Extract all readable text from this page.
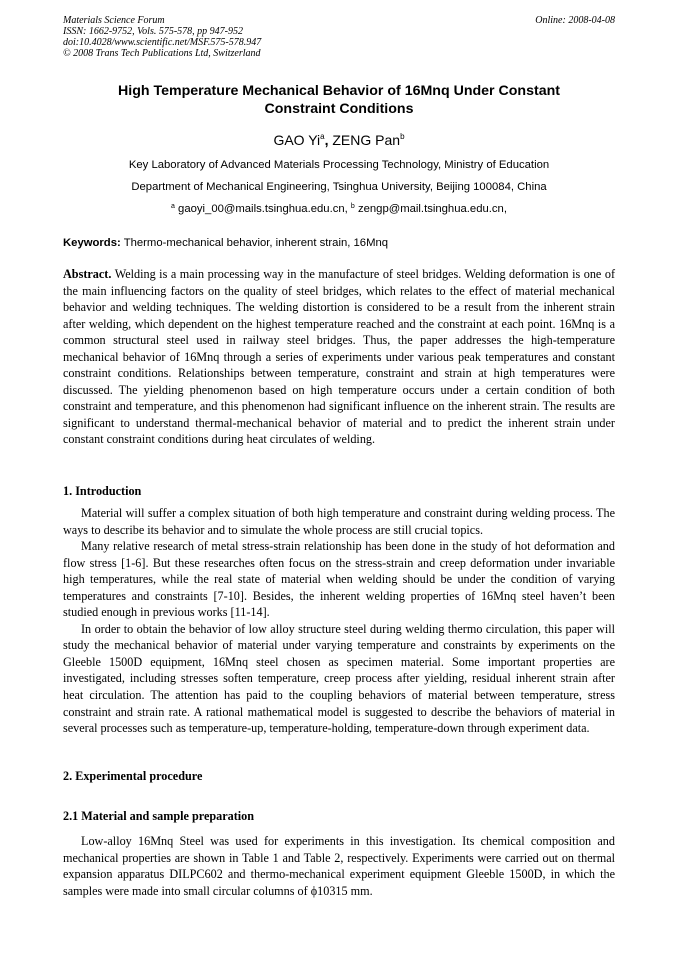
Materials Science Forum
ISSN: 1662-9752, Vols. 575-578, pp 947-952
doi:10.4028/www.scientific.net/MSF.575-578.947
© 2008 Trans Tech Publications Ltd, Switzerland
Online: 2008-04-08
High Temperature Mechanical Behavior of 16Mnq Under Constant
Constraint Conditions
GAO Yi$^a$, ZENG Pan$^b$
Key Laboratory of Advanced Materials Processing Technology, Ministry of Education
Department of Mechanical Engineering, Tsinghua University, Beijing 100084, China
$^a$ gaoyi_00@mails.tsinghua.edu.cn, $^b$ zengp@mail.tsinghua.edu.cn,
Keywords: Thermo-mechanical behavior, inherent strain, 16Mnq

Abstract. Welding is a main processing way in the manufacture of steel bridges. Welding deformation is one of the main influencing factors on the quality of steel bridges, which relates to the effect of material mechanical behavior and welding techniques. The welding distortion is considered to be a result from the inherent strain after welding, which dependent on the highest temperature reached and the constraint at each point. 16Mnq is a common structural steel used in railway steel bridges. Thus, the paper addresses the high-temperature mechanical behavior of 16Mnq through a series of experiments under various peak temperatures and constant constraint conditions. Relationships between temperature, constraint and strain at high temperatures were discussed. The yielding phenomenon based on high temperature occurs under a certain condition of both constraint and temperature, and this phenomenon had significant influence on the inherent strain. The results are significant to understand thermal-mechanical behavior of material and to predict the inherent strain under constant constraint conditions during heat circulates of welding.

1. Introduction

Material will suffer a complex situation of both high temperature and constraint during welding process. The ways to describe its behavior and to simulate the whole process are still crucial topics.

Many relative research of metal stress-strain relationship has been done in the study of hot deformation and flow stress [1-6]. But these researches often focus on the stress-strain and creep deformation under invariable high temperatures, while the real state of material when welding should be under the condition of varying temperatures and constraints [7-10]. Besides, the inherent welding properties of 16Mnq steel haven’t been studied enough in previous works [11-14].

In order to obtain the behavior of low alloy structure steel during welding thermo circulation, this paper will study the mechanical behavior of material under varying temperature and constraints by experiments on the Gleeble 1500D equipment, 16Mnq steel chosen as specimen material. Some important properties are investigated, including stresses soften temperature, creep process after yielding, residual inherent strain after heat circulation. The attention has paid to the coupling behaviors of material between temperature, stress constraint and strain rate. A rational mathematical model is suggested to describe the behaviors of material in several processes such as temperature-up, temperature-holding, temperature-down through experiment data.

2. Experimental procedure
2.1 Material and sample preparation

Low-alloy 16Mnq Steel was used for experiments in this investigation. Its chemical composition and mechanical properties are shown in Table 1 and Table 2, respectively. Experiments were carried out on thermal expansion apparatus DILPC602 and thermo-mechanical experiment equipment Gleeble 1500D, in which the samples were made into small circular columns of ϕ10315 mm.
